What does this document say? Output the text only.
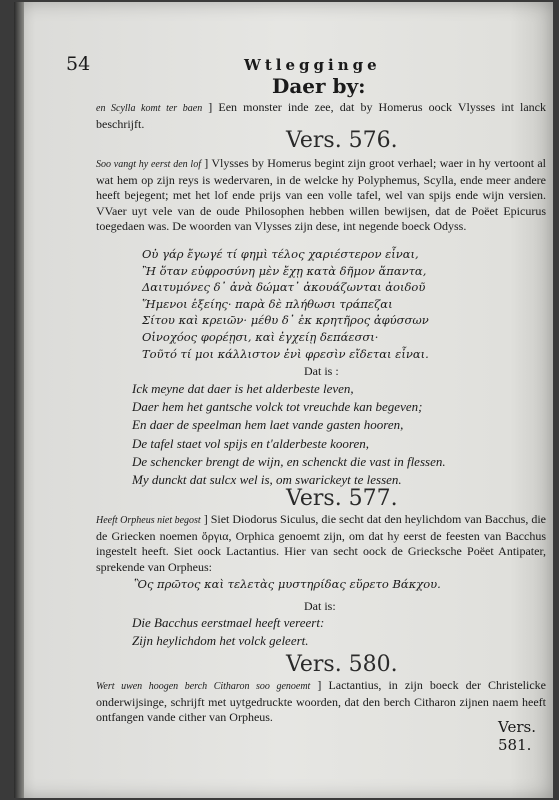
54	Wtlegginge
Daer by:
en Scylla komt ter baen ] Een monster inde zee, dat by Homerus oock Vlysses int lanck beschrijft.
Vers. 576.
Soo vangt hy eerst den lof ] Vlysses by Homerus begint zijn groot verhael; waer in hy vertoont al wat hem op zijn reys is wedervaren, in de welcke hy Polyphemus, Scylla, ende meer andere heeft bejegent; met het lof ende prijs van een volle tafel, wel van spijs ende wijn versien. VVaer uyt vele van de oude Philosophen hebben willen bewijsen, dat de Poëet Epicurus toegedaen was. De woorden van Vlysses zijn dese, int negende boeck Odyss.
Οὐ γάρ ἔγωγέ τί φημὶ τέλος χαριέστερον εἶναι,
Ἢ ὅταν εὐφροσύνη μὲν ἔχῃ κατὰ δῆμον ἅπαντα,
Δαιτυμόνες δ᾽ ἀνὰ δώματ᾽ ἀκουάζωνται ἀοιδοῦ
Ἥμενοι ἑξείης· παρὰ δὲ πλήθωσι τράπεζαι
Σίτου καὶ κρειῶν· μέθυ δ᾽ ἐκ κρητῆρος ἀφύσσων
Οἰνοχόος φορέῃσι, καὶ ἐγχείῃ δεπάεσσι·
Τοῦτό τί μοι κάλλιστον ἐνὶ φρεσὶν εἴδεται εἶναι.
Dat is :
Ick meyne dat daer is het alderbeste leven,
Daer hem het gantsche volck tot vreuchde kan begeven;
En daer de speelman hem laet vande gasten hooren,
De tafel staet vol spijs en t'alderbeste kooren,
De schencker brengt de wijn, en schenckt die vast in flessen.
My dunckt dat sulcx wel is, om swarickeyt te lessen.
Vers. 577.
Heeft Orpheus niet begost ] Siet Diodorus Siculus, die secht dat den heylichdom van Bacchus, die de Griecken noemen ὄργια, Orphica genoemt zijn, om dat hy eerst de feesten van Bacchus ingestelt heeft. Siet oock Lactantius. Hier van secht oock de Griecksche Poëet Antipater, sprekende van Orpheus:
Ὃς πρῶτος καὶ τελετὰς μυστηρίδας εὕρετο Βάκχου.
Dat is:
Die Bacchus eerstmael heeft vereert:
Zijn heylichdom het volck geleert.
Vers. 580.
Wert uwen hoogen berch Citharon soo genoemt ] Lactantius, in zijn boeck der Christelicke onderwijsinge, schrijft met uytgedruckte woorden, dat den berch Citharon zijnen naem heeft ontfangen vande cither van Orpheus.
Vers. 581.
